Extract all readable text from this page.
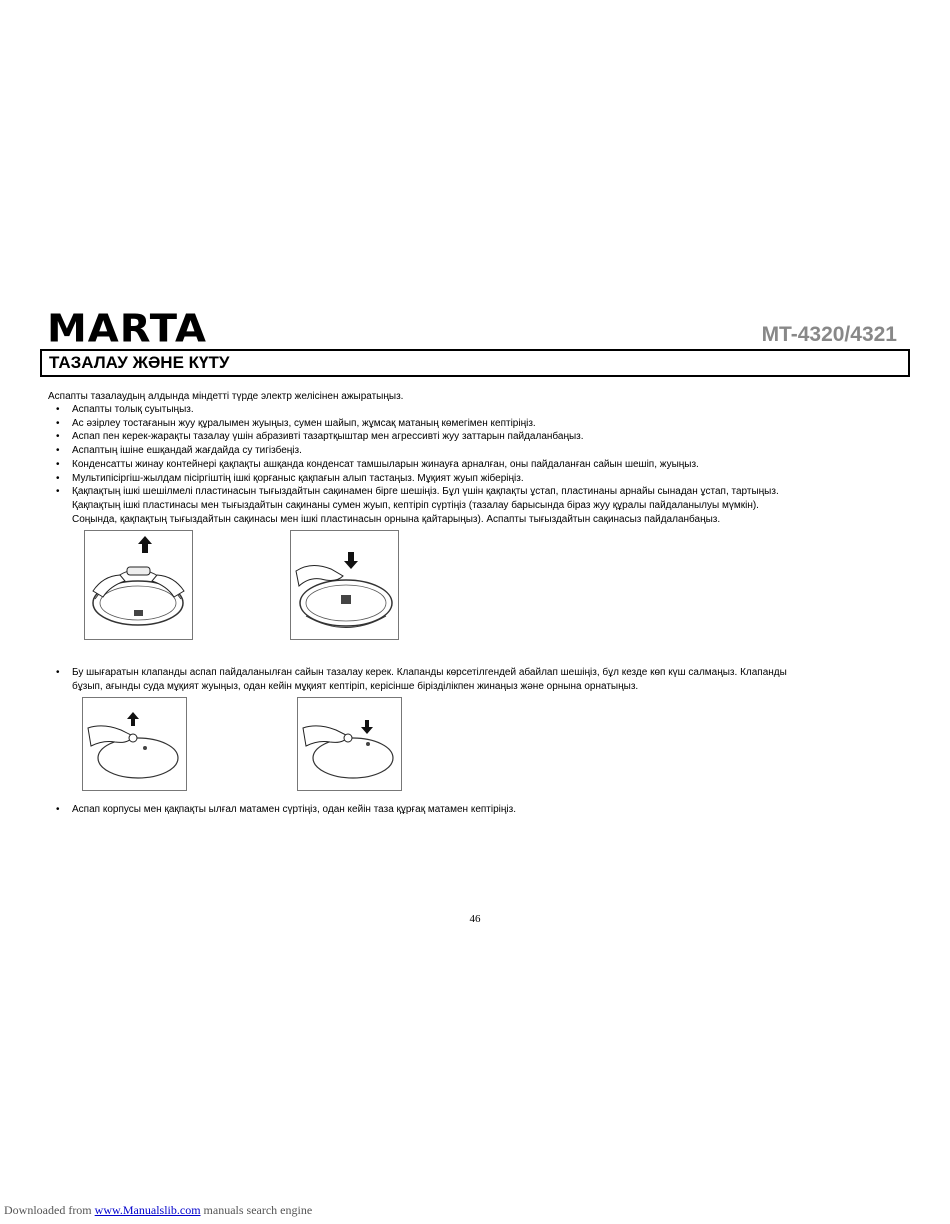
MARTA	MT-4320/4321
ТАЗАЛАУ ЖӘНЕ КҮТУ
Аспапты тазалаудың алдында міндетті түрде электр желісінен ажыратыңыз.
• Аспапты толық суытыңыз.
• Ас әзірлеу тостағанын жуу құралымен жуыңыз, сумен шайып, жұмсақ матаның көмегімен кептіріңіз.
• Аспап пен керек-жарақты тазалау үшін абразивті тазартқыштар мен агрессивті жуу заттарын пайдаланбаңыз.
• Аспаптың ішіне ешқандай жағдайда су тигізбеңіз.
• Конденсатты жинау контейнері қақпақты ашқанда конденсат тамшыларын жинауға арналған, оны пайдаланған сайын шешіп, жуыңыз.
• Мультипісіргіш-жылдам пісіргіштің ішкі қорғаныс қақпағын алып тастаңыз. Мұқият жуып жіберіңіз.
• Қақпақтың ішкі шешілмелі пластинасын тығыздайтын сақинамен бірге шешіңіз. Бұл үшін қақпақты ұстап, пластинаны арнайы сынадан ұстап, тартыңыз.
Қақпақтың ішкі пластинасы мен тығыздайтын сақинаны сумен жуып, кептіріп сүртіңіз (тазалау барысында біраз жуу құралы пайдаланылуы мүмкін).
Соңында, қақпақтың тығыздайтын сақинасы мен ішкі пластинасын орнына қайтарыңыз). Аспапты тығыздайтын сақинасыз пайдаланбаңыз.
• Бу шығаратын клапанды аспап пайдаланылған сайын тазалау керек. Клапанды көрсетілгендей абайлап шешіңіз, бұл кезде көп күш салмаңыз. Клапанды
бұзып, ағынды суда мұқият жуыңыз, одан кейін мұқият кептіріп, керісінше бірізділікпен жинаңыз және орнына орнатыңыз.
• Аспап корпусы мен қақпақты ылғал матамен сүртіңіз, одан кейін таза құрғақ матамен кептіріңіз.
46
Downloaded from www.Manualslib.com manuals search engine
